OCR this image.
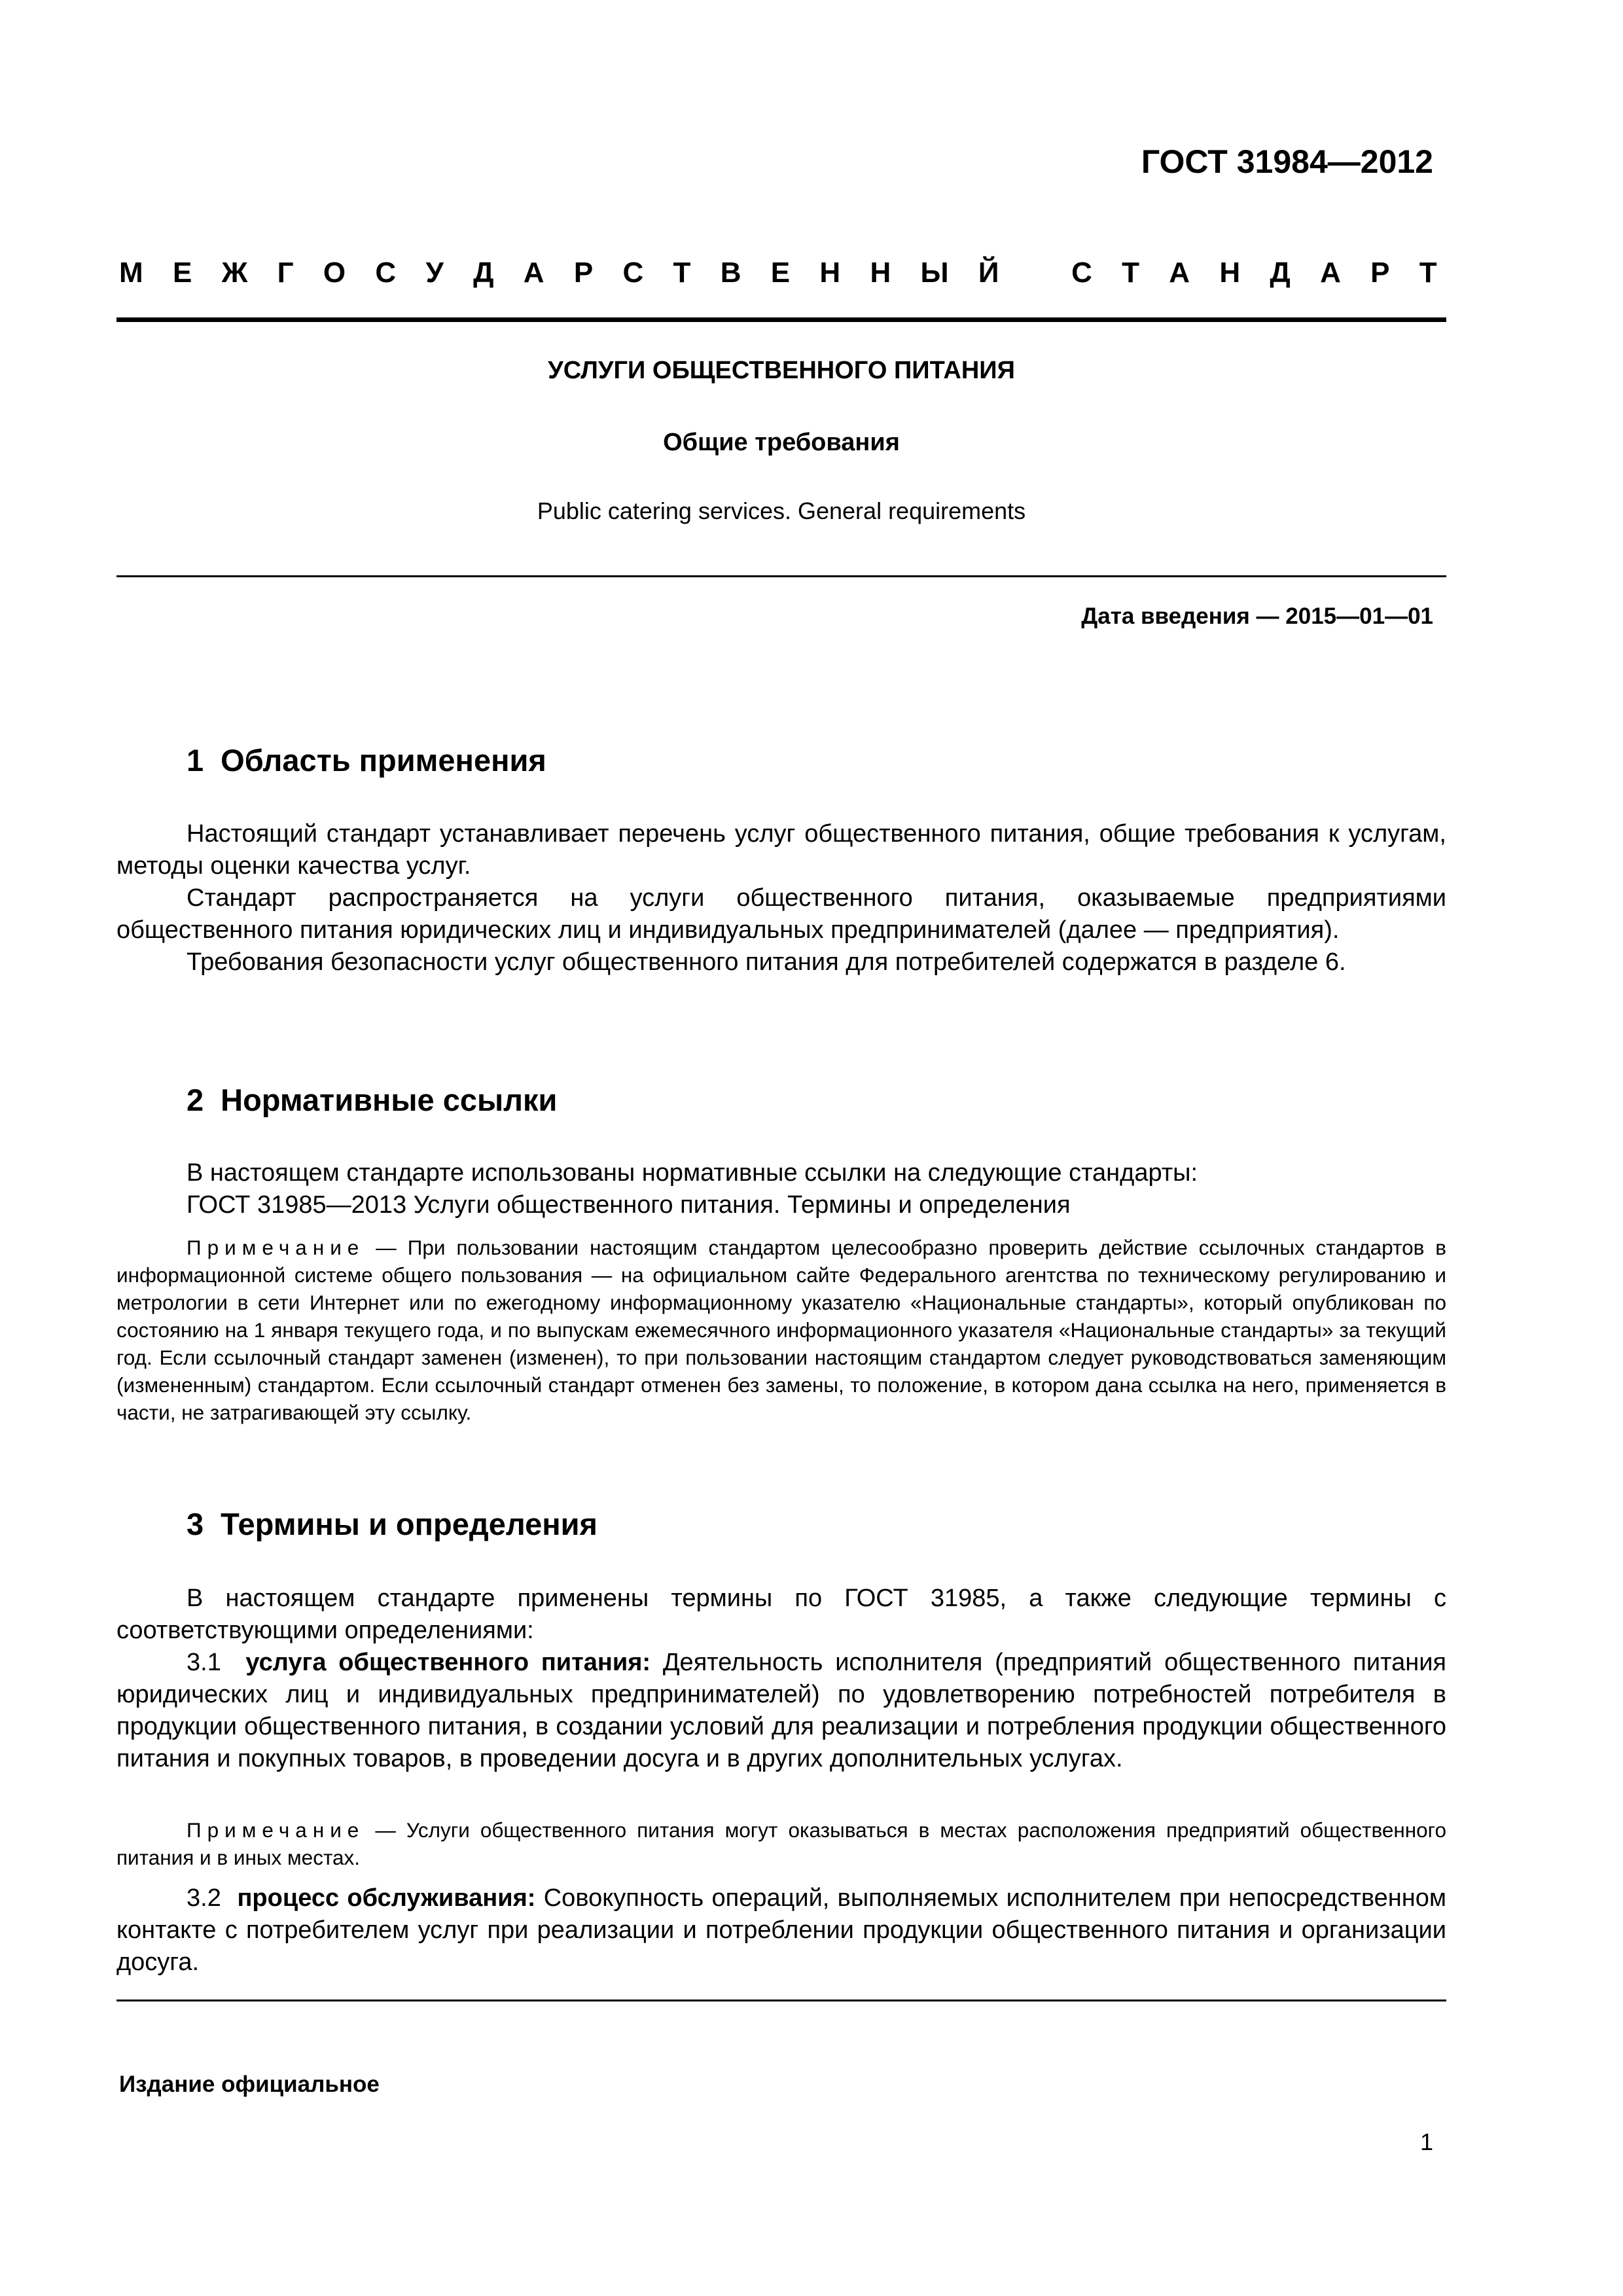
ГОСТ 31984—2012
М Е Ж Г О С У Д А Р С Т В Е Н Н Ы Й	С Т А Н Д А Р Т
УСЛУГИ ОБЩЕСТВЕННОГО ПИТАНИЯ
Общие требования
Public catering services. General requirements
Дата введения — 2015—01—01
1 Область применения

Настоящий стандарт устанавливает перечень услуг общественного питания, общие требования к услугам, методы оценки качества услуг.

Стандарт распространяется на услуги общественного питания, оказываемые предприятиями общественного питания юридических лиц и индивидуальных предпринимателей (далее — предприятия).

Требования безопасности услуг общественного питания для потребителей содержатся в разделе 6.

2 Нормативные ссылки

В настоящем стандарте использованы нормативные ссылки на следующие стандарты:

ГОСТ 31985—2013 Услуги общественного питания. Термины и определения

Примечание — При пользовании настоящим стандартом целесообразно проверить действие ссылочных стандартов в информационной системе общего пользования — на официальном сайте Федерального агентства по техническому регулированию и метрологии в сети Интернет или по ежегодному информационному указателю «Национальные стандарты», который опубликован по состоянию на 1 января текущего года, и по выпускам ежемесячного информационного указателя «Национальные стандарты» за текущий год. Если ссылочный стандарт заменен (изменен), то при пользовании настоящим стандартом следует руководствоваться заменяющим (измененным) стандартом. Если ссылочный стандарт отменен без замены, то положение, в котором дана ссылка на него, применяется в части, не затрагивающей эту ссылку.

3 Термины и определения

В настоящем стандарте применены термины по ГОСТ 31985, а также следующие термины с соответствующими определениями:

3.1 услуга общественного питания: Деятельность исполнителя (предприятий общественного питания юридических лиц и индивидуальных предпринимателей) по удовлетворению потребностей потребителя в продукции общественного питания, в создании условий для реализации и потребления продукции общественного питания и покупных товаров, в проведении досуга и в других дополнительных услугах.

Примечание — Услуги общественного питания могут оказываться в местах расположения предприятий общественного питания и в иных местах.

3.2 процесс обслуживания: Совокупность операций, выполняемых исполнителем при непосредственном контакте с потребителем услуг при реализации и потреблении продукции общественного питания и организации досуга.

Издание официальное
1
